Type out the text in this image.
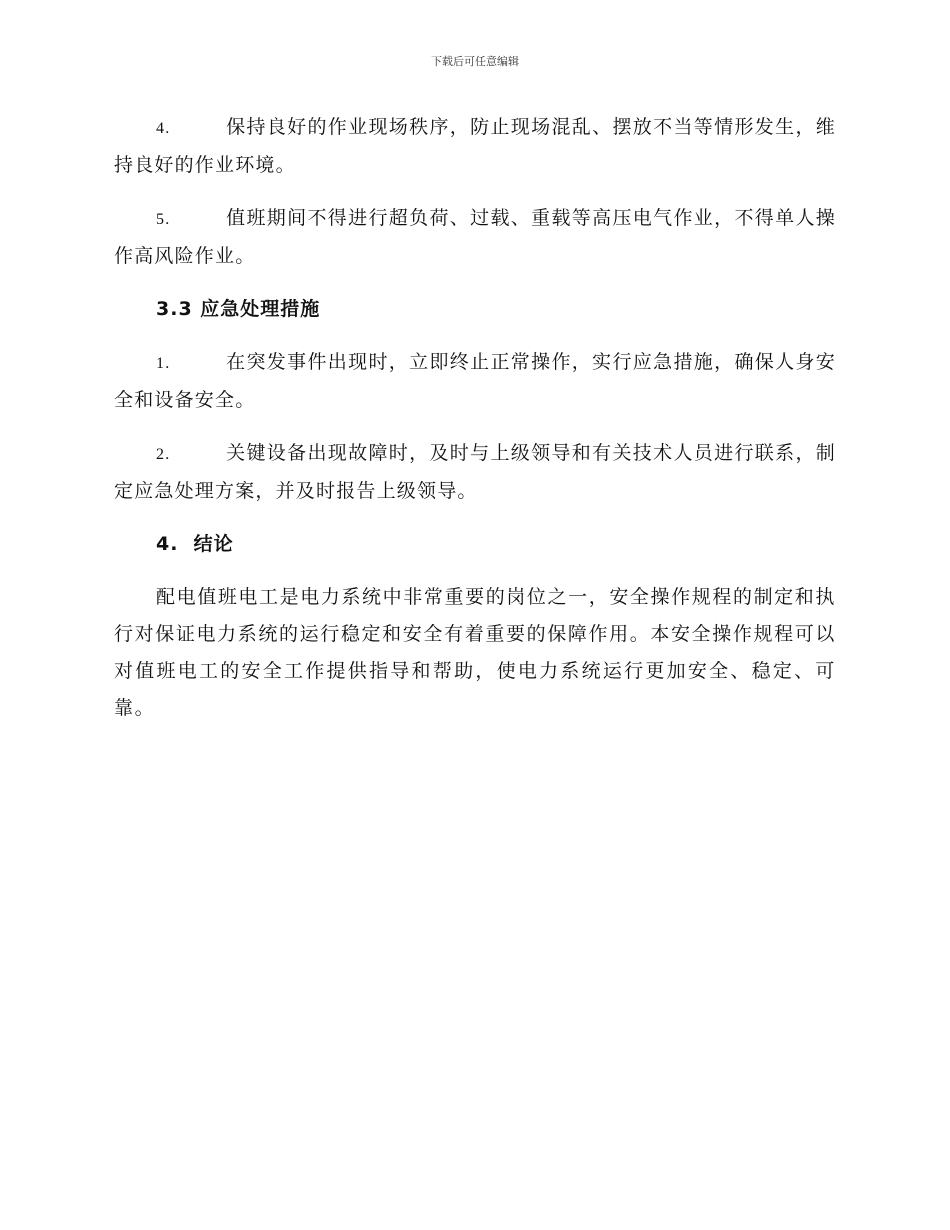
下载后可任意编辑
4.	保持良好的作业现场秩序，防止现场混乱、摆放不当等情形发生，维持良好的作业环境。
5.	值班期间不得进行超负荷、过载、重载等高压电气作业，不得单人操作高风险作业。
3.3 应急处理措施
1.	在突发事件出现时，立即终止正常操作，实行应急措施，确保人身安全和设备安全。
2.	关键设备出现故障时，及时与上级领导和有关技术人员进行联系，制定应急处理方案，并及时报告上级领导。
4.  结论
配电值班电工是电力系统中非常重要的岗位之一，安全操作规程的制定和执行对保证电力系统的运行稳定和安全有着重要的保障作用。本安全操作规程可以对值班电工的安全工作提供指导和帮助，使电力系统运行更加安全、稳定、可靠。
